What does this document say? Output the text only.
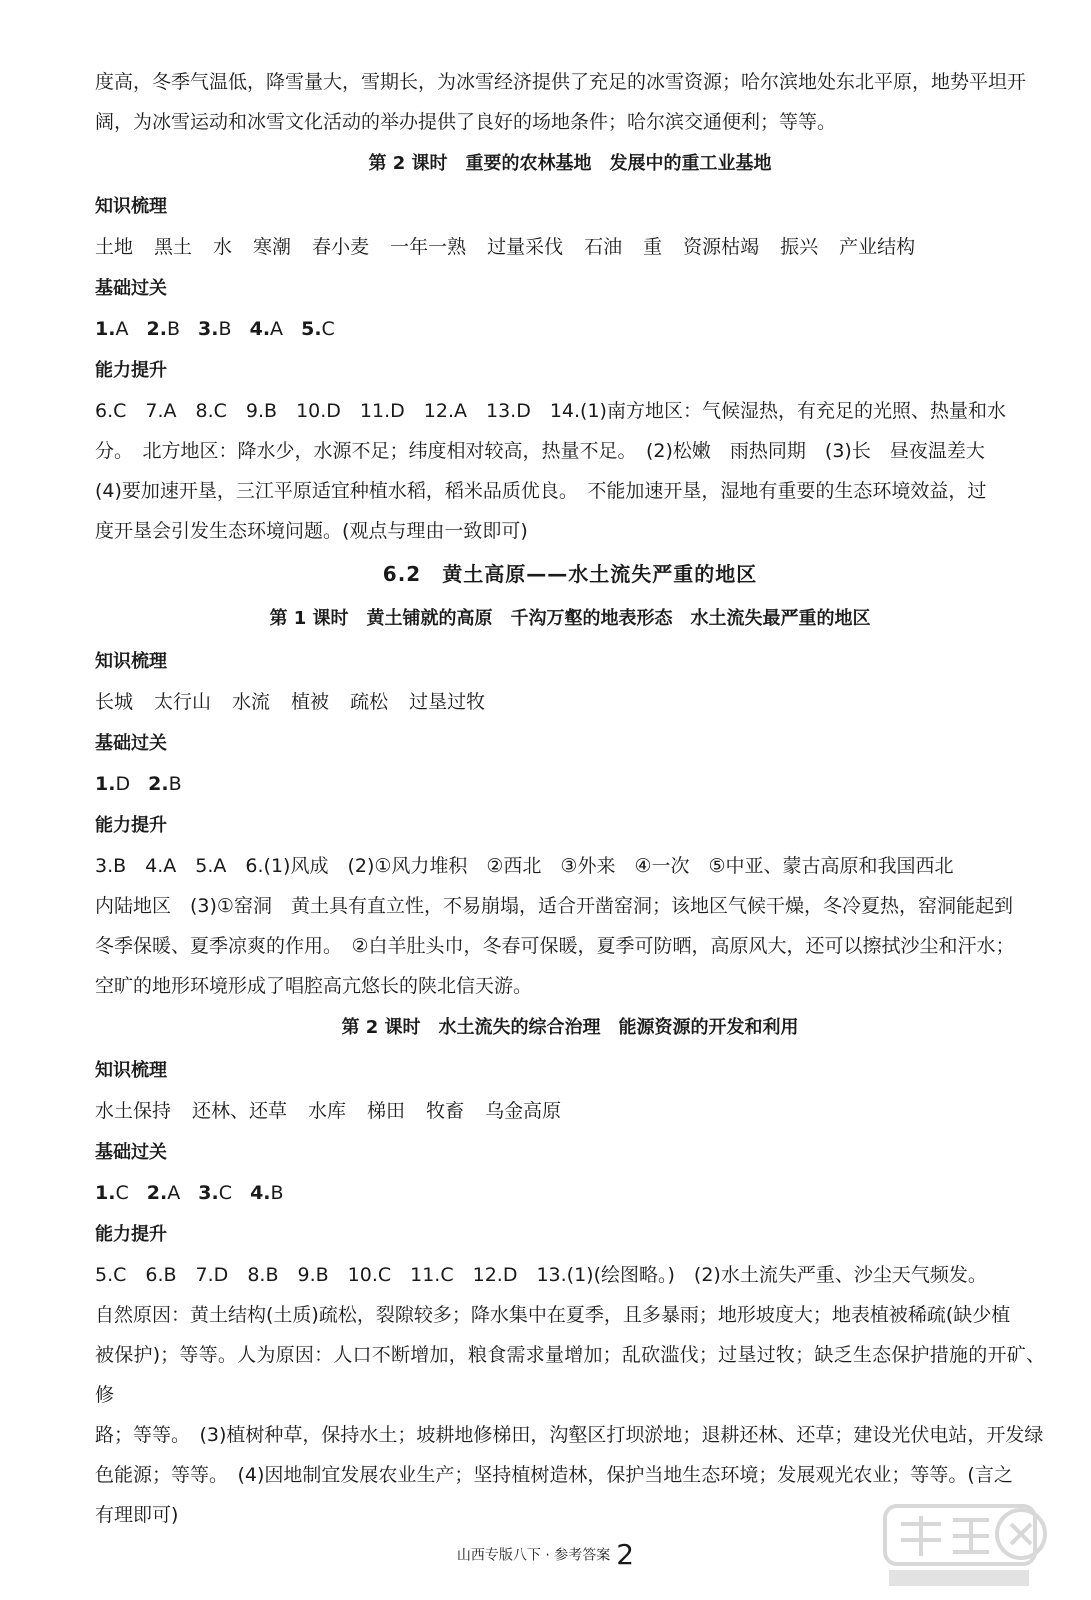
度高，冬季气温低，降雪量大，雪期长，为冰雪经济提供了充足的冰雪资源；哈尔滨地处东北平原，地势平坦开

阔，为冰雪运动和冰雪文化活动的举办提供了良好的场地条件；哈尔滨交通便利；等等。

第 2 课时　重要的农林基地　发展中的重工业基地

知识梳理

土地 黑土 水 寒潮 春小麦 一年一熟 过量采伐 石油 重 资源枯竭 振兴 产业结构

基础过关

1.A 2.B 3.B 4.A 5.C

能力提升

6.C　7.A　8.C　9.B　10.D　11.D　12.A　13.D　14.(1)南方地区：气候湿热，有充足的光照、热量和水

分。　北方地区：降水少，水源不足；纬度相对较高，热量不足。　(2)松嫩　雨热同期　(3)长　昼夜温差大

(4)要加速开垦，三江平原适宜种植水稻，稻米品质优良。　不能加速开垦，湿地有重要的生态环境效益，过

度开垦会引发生态环境问题。(观点与理由一致即可)

6.2　黄土高原——水土流失严重的地区
第 1 课时　黄土铺就的高原　千沟万壑的地表形态　水土流失最严重的地区

知识梳理

长城 太行山 水流 植被 疏松 过垦过牧

基础过关

1.D 2.B

能力提升

3.B　4.A　5.A　6.(1)风成　(2)①风力堆积　②西北　③外来　④一次　⑤中亚、蒙古高原和我国西北

内陆地区　(3)①窑洞　黄土具有直立性，不易崩塌，适合开凿窑洞；该地区气候干燥，冬冷夏热，窑洞能起到

冬季保暖、夏季凉爽的作用。　②白羊肚头巾，冬春可保暖，夏季可防晒，高原风大，还可以擦拭沙尘和汗水；

空旷的地形环境形成了唱腔高亢悠长的陕北信天游。

第 2 课时　水土流失的综合治理　能源资源的开发和利用

知识梳理

水土保持 还林、还草 水库 梯田 牧畜 乌金高原

基础过关

1.C 2.A 3.C 4.B

能力提升

5.C　6.B　7.D　8.B　9.B　10.C　11.C　12.D　13.(1)(绘图略。)　(2)水土流失严重、沙尘天气频发。

自然原因：黄土结构(土质)疏松，裂隙较多；降水集中在夏季，且多暴雨；地形坡度大；地表植被稀疏(缺少植

被保护)；等等。人为原因：人口不断增加，粮食需求量增加；乱砍滥伐；过垦过牧；缺乏生态保护措施的开矿、修

路；等等。　(3)植树种草，保持水土；坡耕地修梯田，沟壑区打坝淤地；退耕还林、还草；建设光伏电站，开发绿

色能源；等等。　(4)因地制宜发展农业生产；坚持植树造林，保护当地生态环境；发展观光农业；等等。(言之

有理即可)

山西专版八下 · 参考答案 2
